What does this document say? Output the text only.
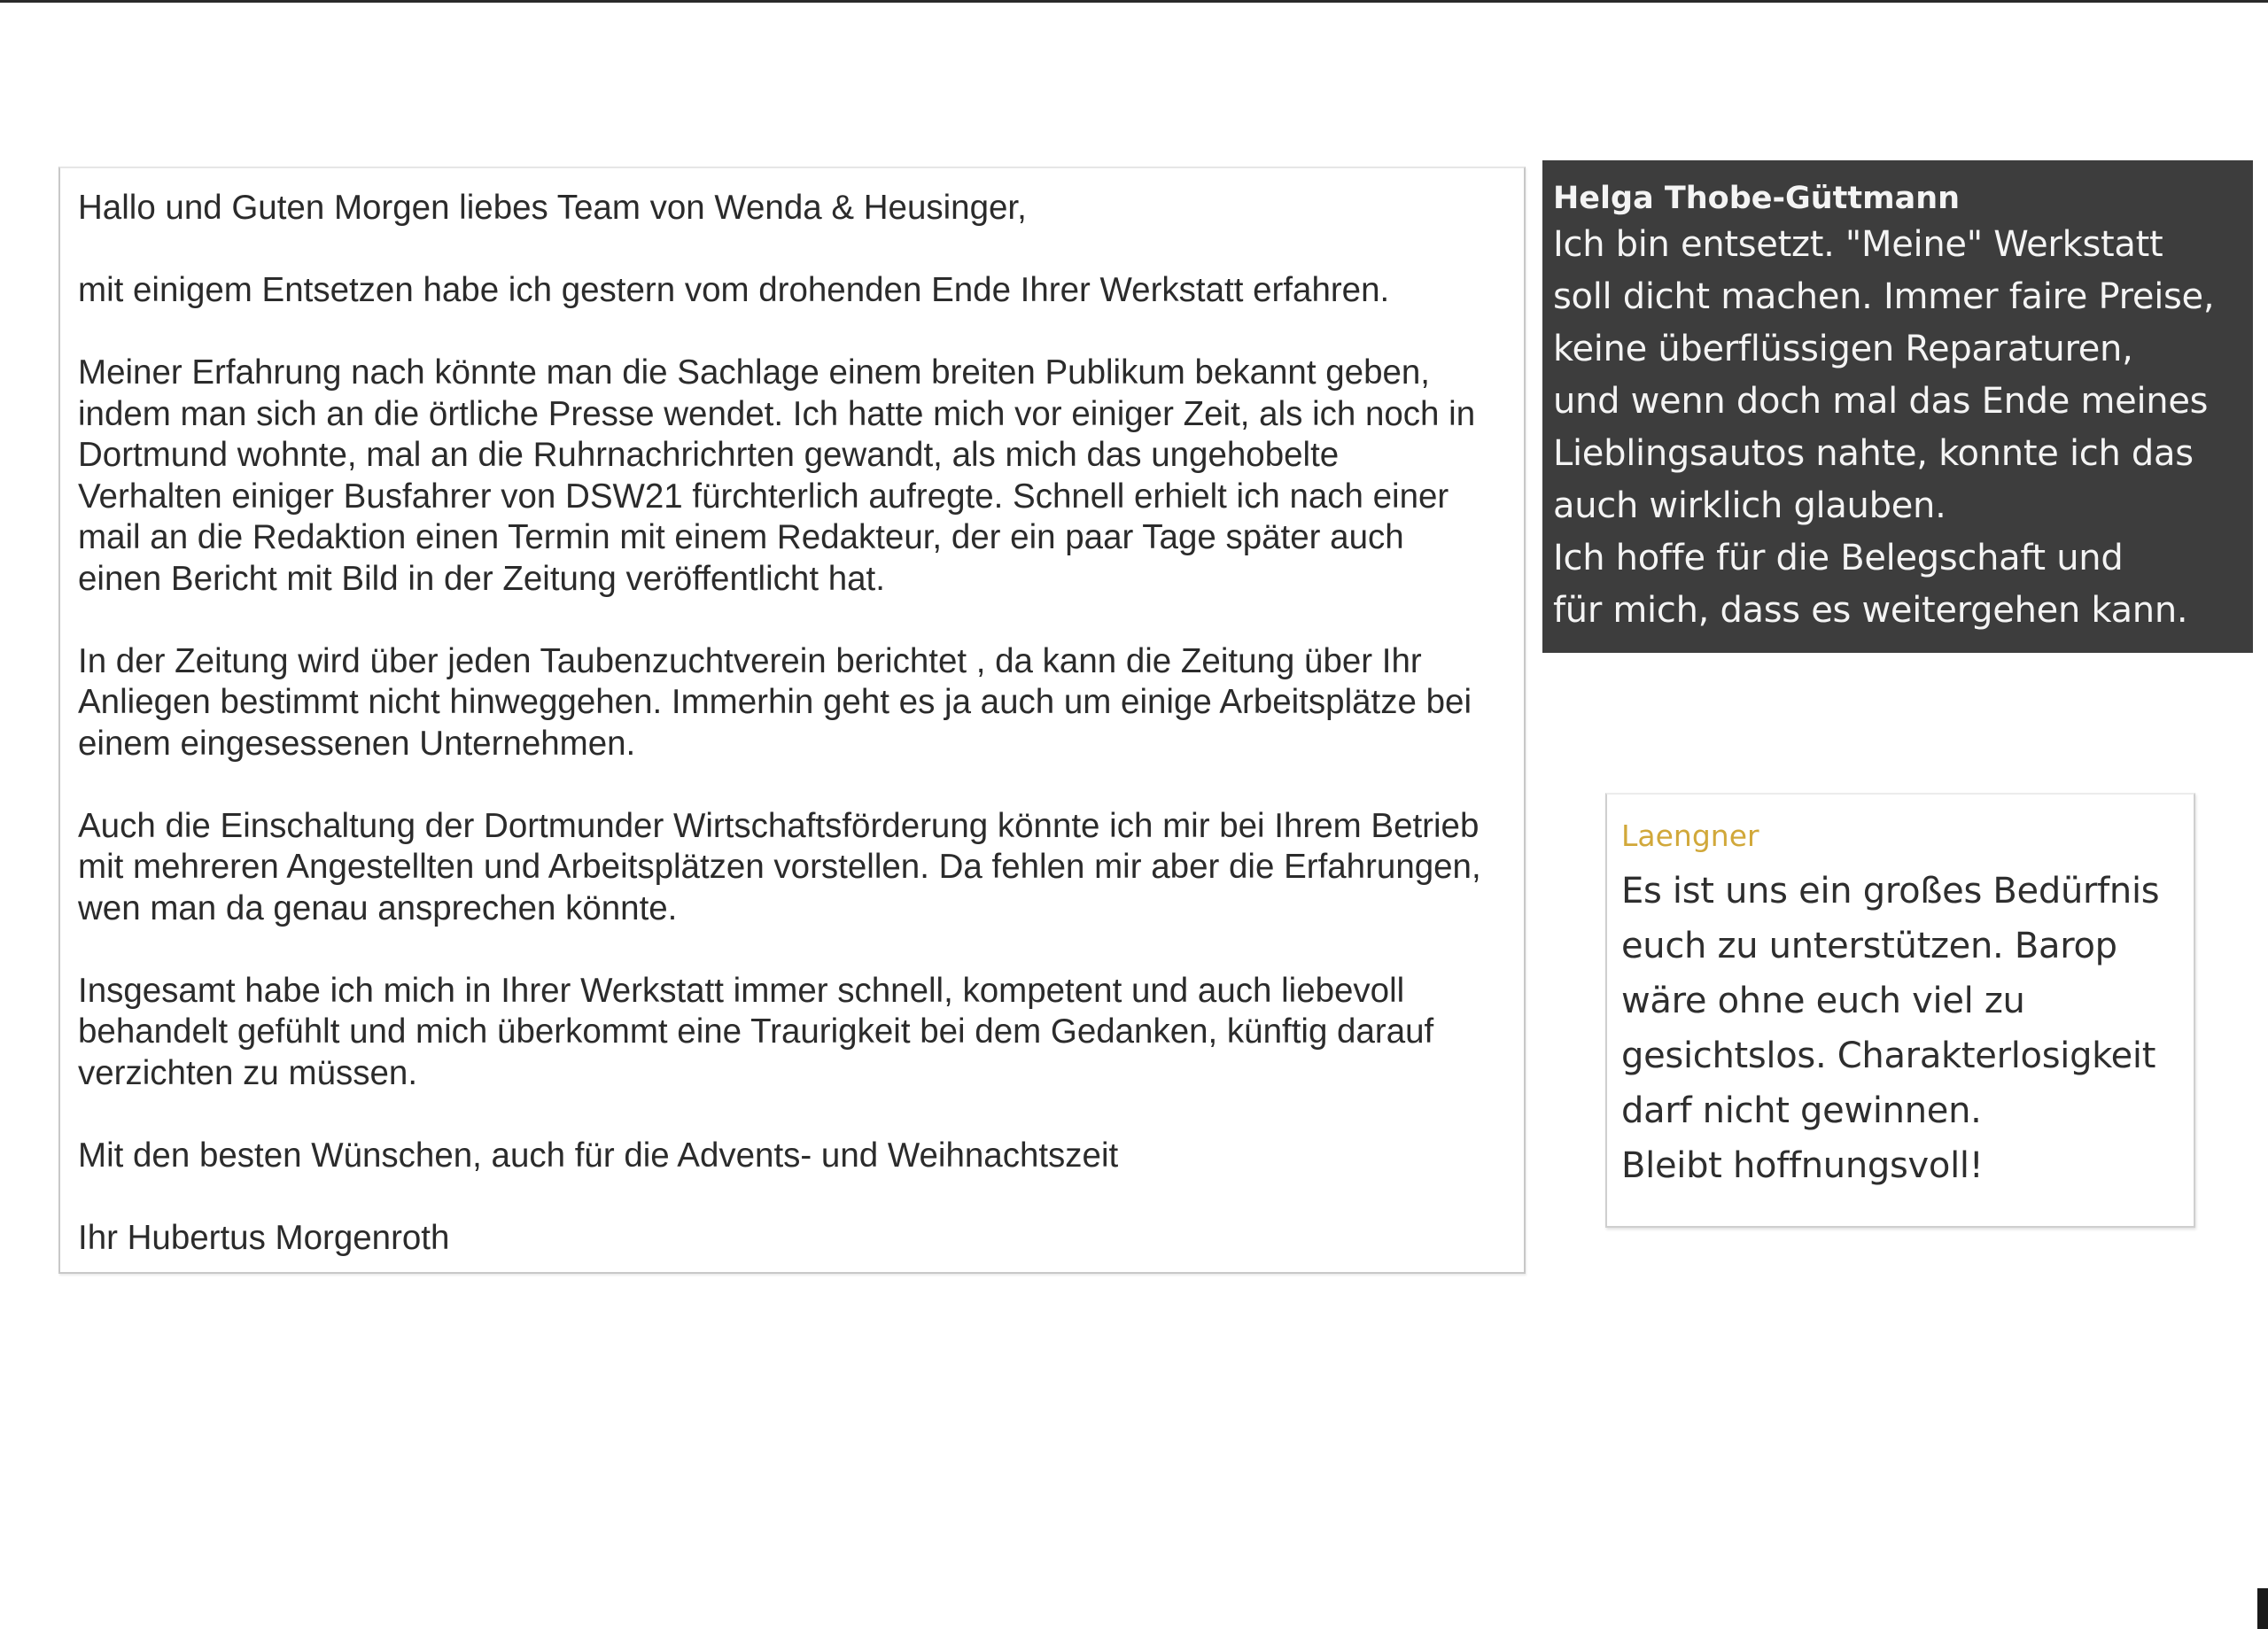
Hallo und Guten Morgen liebes Team von Wenda & Heusinger,

mit einigem Entsetzen habe ich gestern vom drohenden Ende Ihrer Werkstatt erfahren.

Meiner Erfahrung nach könnte man die Sachlage einem breiten Publikum bekannt geben,
indem man sich an die örtliche Presse wendet. Ich hatte mich vor einiger Zeit, als ich noch in
Dortmund wohnte, mal an die Ruhrnachrichrten gewandt, als mich das ungehobelte
Verhalten einiger Busfahrer von DSW21 fürchterlich aufregte. Schnell erhielt ich nach einer
mail an die Redaktion einen Termin mit einem Redakteur, der ein paar Tage später auch
einen Bericht mit Bild in der Zeitung veröffentlicht hat.

In der Zeitung wird über jeden Taubenzuchtverein berichtet , da kann die Zeitung über Ihr
Anliegen bestimmt nicht hinweggehen. Immerhin geht es ja auch um einige Arbeitsplätze bei
einem eingesessenen Unternehmen.

Auch die Einschaltung der Dortmunder Wirtschaftsförderung könnte ich mir bei Ihrem Betrieb
mit mehreren Angestellten und Arbeitsplätzen vorstellen. Da fehlen mir aber die Erfahrungen,
wen man da genau ansprechen könnte.

Insgesamt habe ich mich in Ihrer Werkstatt immer schnell, kompetent und auch liebevoll
behandelt gefühlt und mich überkommt eine Traurigkeit bei dem Gedanken, künftig darauf
verzichten zu müssen.

Mit den besten Wünschen, auch für die Advents- und Weihnachtszeit

Ihr Hubertus Morgenroth

Helga Thobe-Güttmann
Ich bin entsetzt. "Meine" Werkstatt
soll dicht machen. Immer faire Preise,
keine überflüssigen Reparaturen,
und wenn doch mal das Ende meines
Lieblingsautos nahte, konnte ich das
auch wirklich glauben.
Ich hoffe für die Belegschaft und
für mich, dass es weitergehen kann.
Laengner
Es ist uns ein großes Bedürfnis
euch zu unterstützen. Barop
wäre ohne euch viel zu
gesichtslos. Charakterlosigkeit
darf nicht gewinnen.
Bleibt hoffnungsvoll!
